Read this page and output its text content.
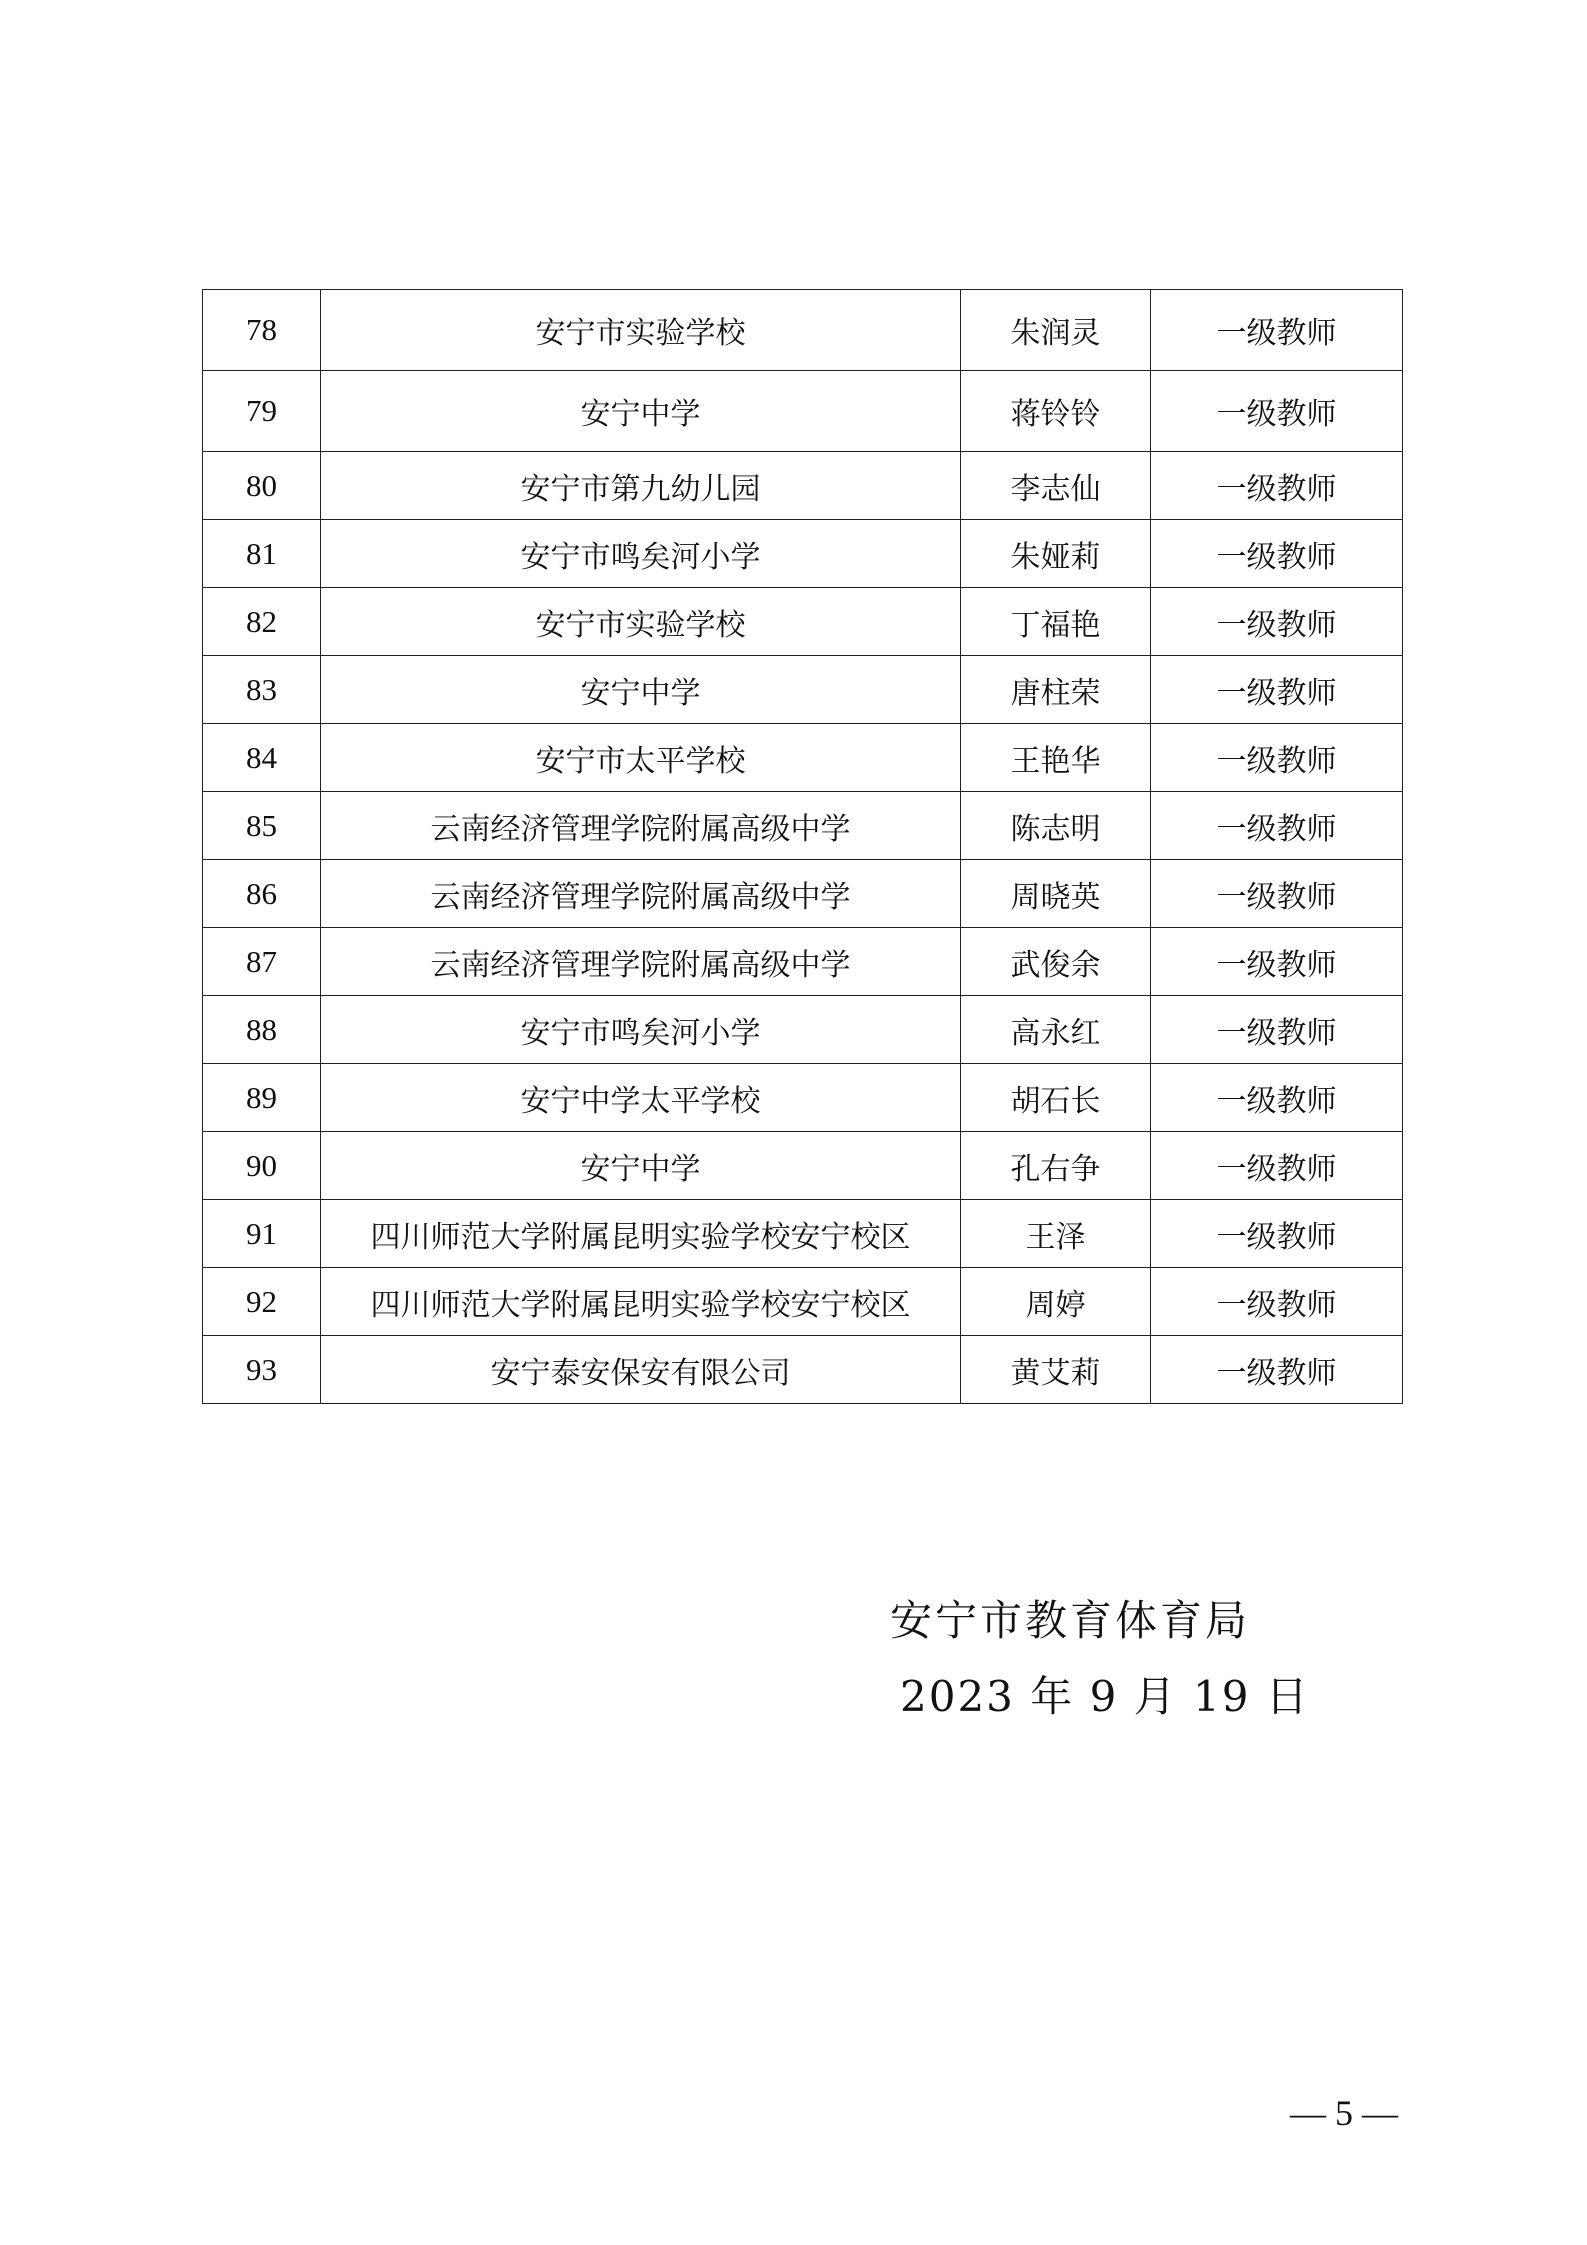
78	安宁市实验学校	朱润灵	一级教师
79	安宁中学	蒋铃铃	一级教师
80	安宁市第九幼儿园	李志仙	一级教师
81	安宁市鸣矣河小学	朱娅莉	一级教师
82	安宁市实验学校	丁福艳	一级教师
83	安宁中学	唐柱荣	一级教师
84	安宁市太平学校	王艳华	一级教师
85	云南经济管理学院附属高级中学	陈志明	一级教师
86	云南经济管理学院附属高级中学	周晓英	一级教师
87	云南经济管理学院附属高级中学	武俊余	一级教师
88	安宁市鸣矣河小学	高永红	一级教师
89	安宁中学太平学校	胡石长	一级教师
90	安宁中学	孔右争	一级教师
91	四川师范大学附属昆明实验学校安宁校区	王泽	一级教师
92	四川师范大学附属昆明实验学校安宁校区	周婷	一级教师
93	安宁泰安保安有限公司	黄艾莉	一级教师
安宁市教育体育局
2023 年 9 月 19 日
— 5 —
